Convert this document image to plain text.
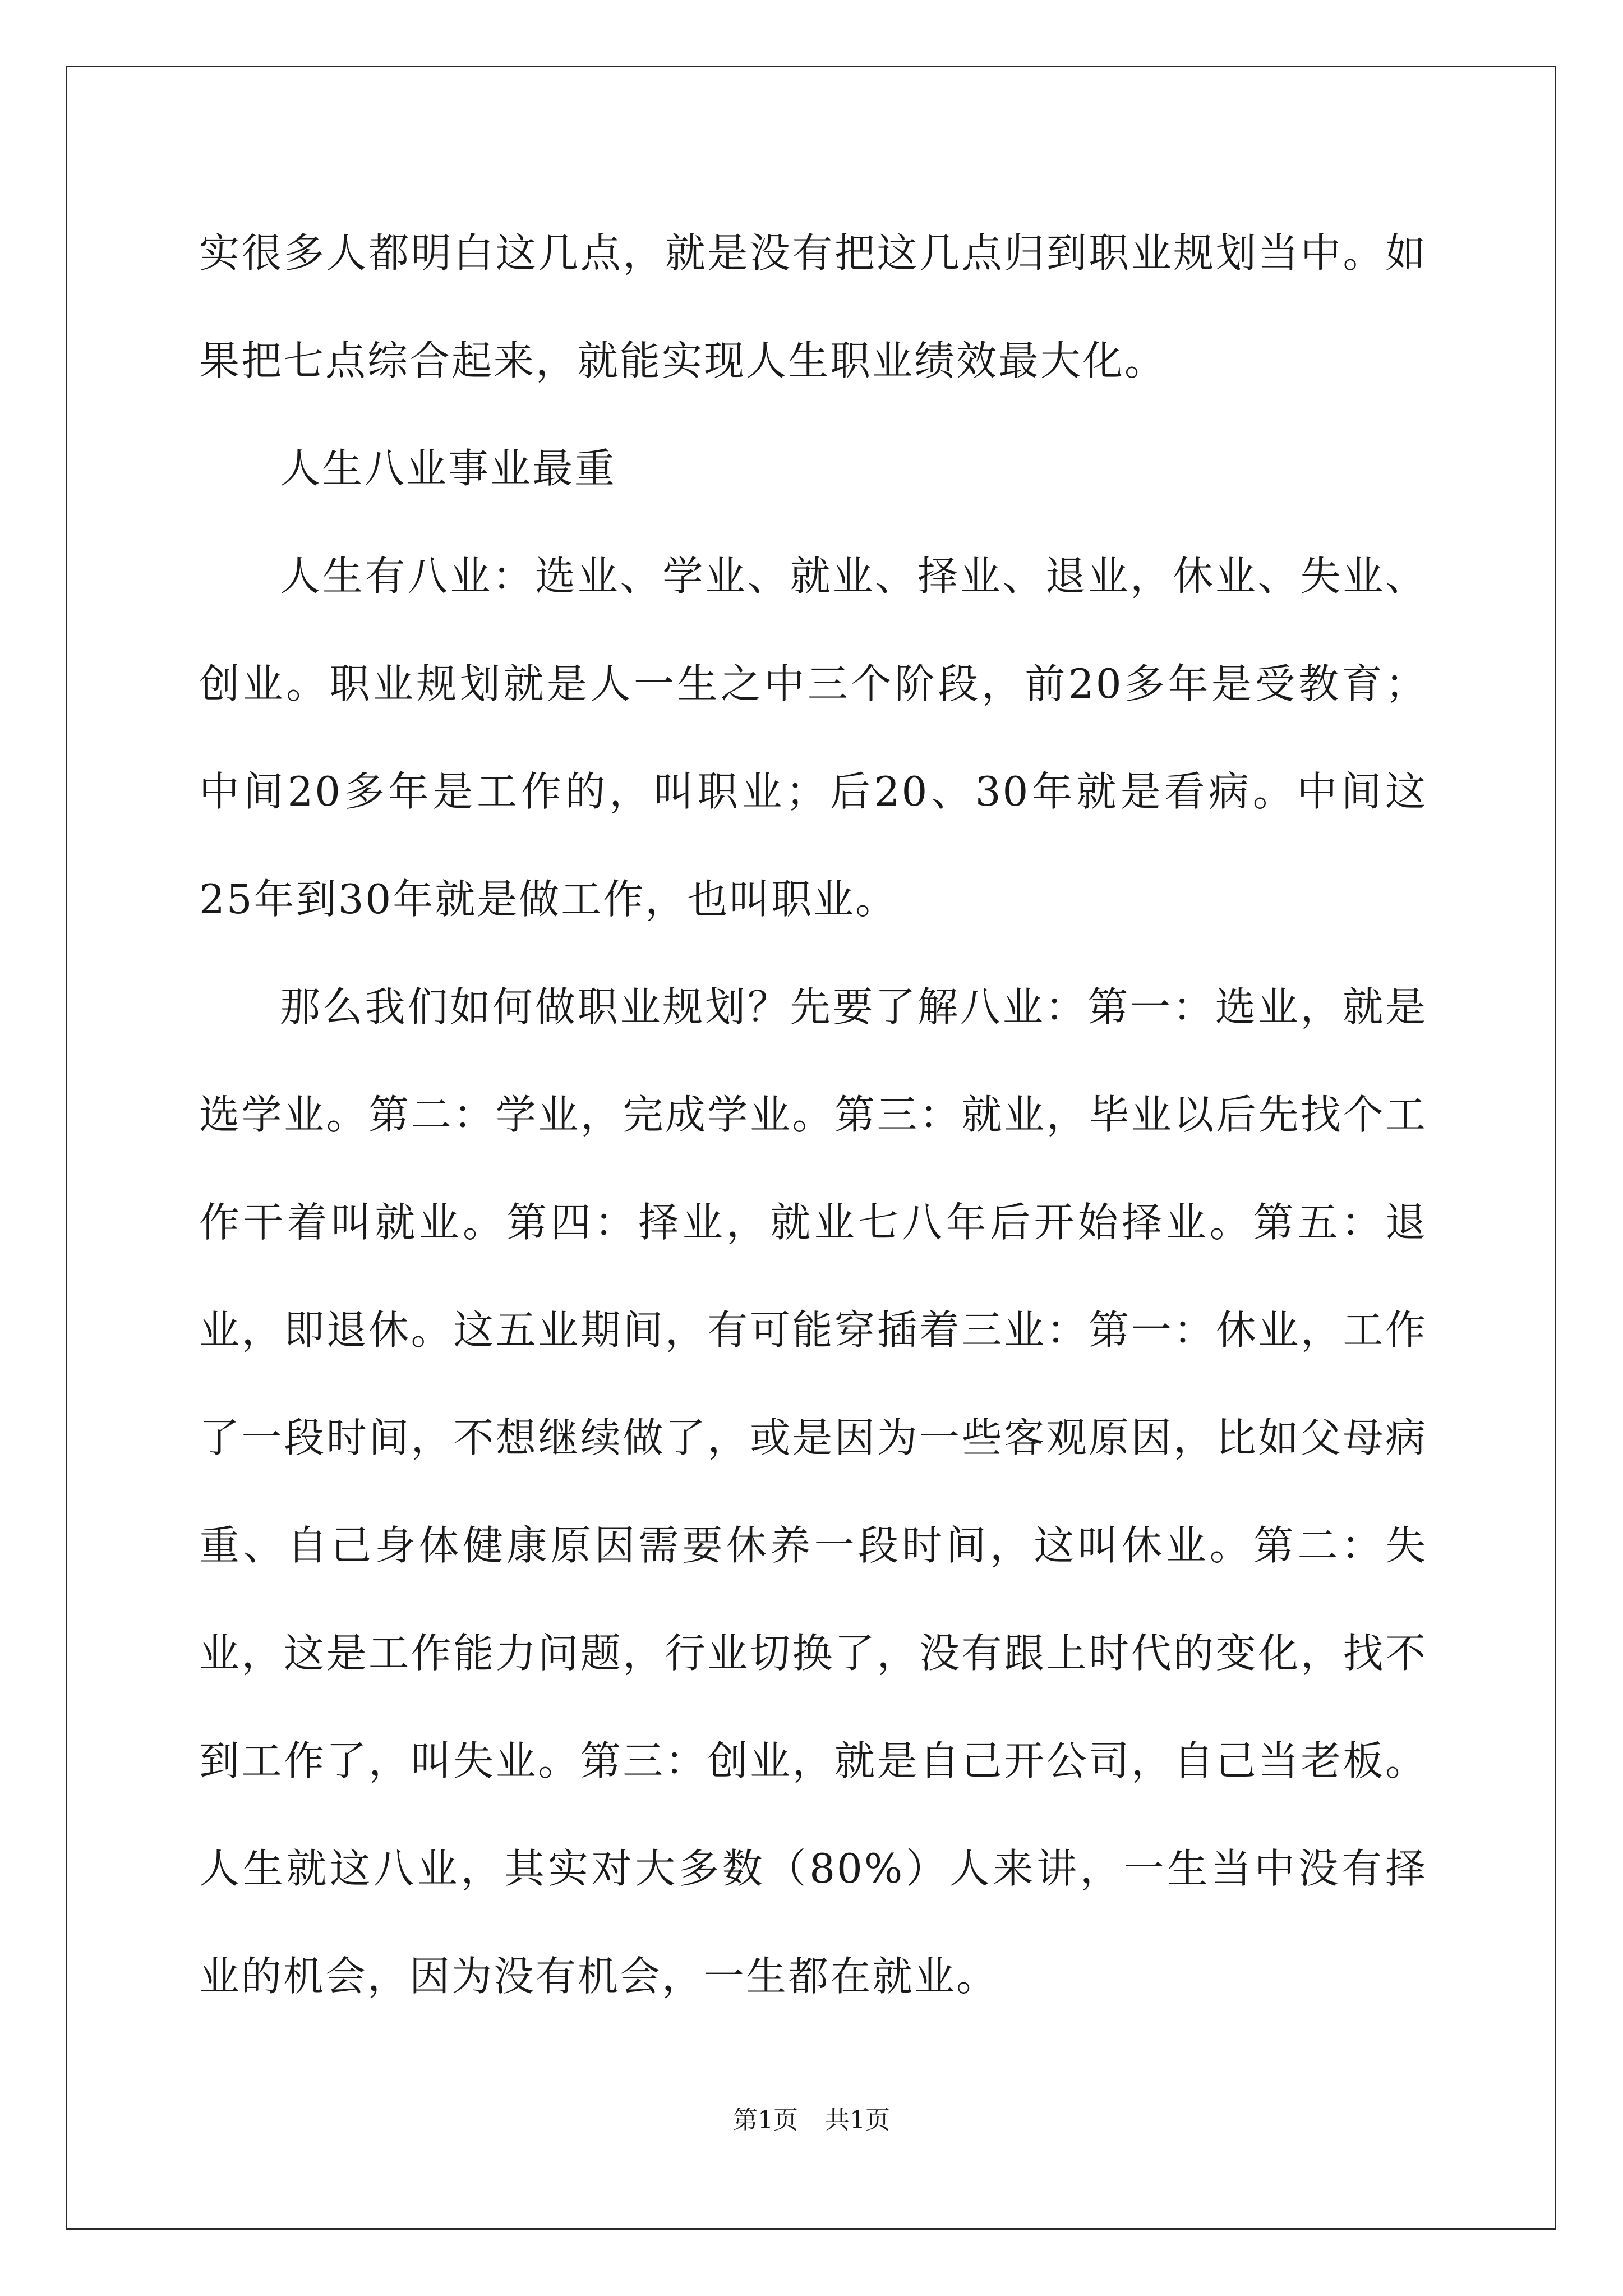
实很多人都明白这几点，就是没有把这几点归到职业规划当中。如果把七点综合起来，就能实现人生职业绩效最大化。

人生八业事业最重

人生有八业：选业、学业、就业、择业、退业，休业、失业、创业。职业规划就是人一生之中三个阶段，前20多年是受教育；中间20多年是工作的，叫职业；后20、30年就是看病。中间这25年到30年就是做工作，也叫职业。

那么我们如何做职业规划？先要了解八业：第一：选业，就是选学业。第二：学业，完成学业。第三：就业，毕业以后先找个工作干着叫就业。第四：择业，就业七八年后开始择业。第五：退业，即退休。这五业期间，有可能穿插着三业：第一：休业，工作了一段时间，不想继续做了，或是因为一些客观原因，比如父母病重、自己身体健康原因需要休养一段时间，这叫休业。第二：失业，这是工作能力问题，行业切换了，没有跟上时代的变化，找不到工作了，叫失业。第三：创业，就是自己开公司，自己当老板。人生就这八业，其实对大多数（80%）人来讲，一生当中没有择业的机会，因为没有机会，一生都在就业。

第1页 共1页
